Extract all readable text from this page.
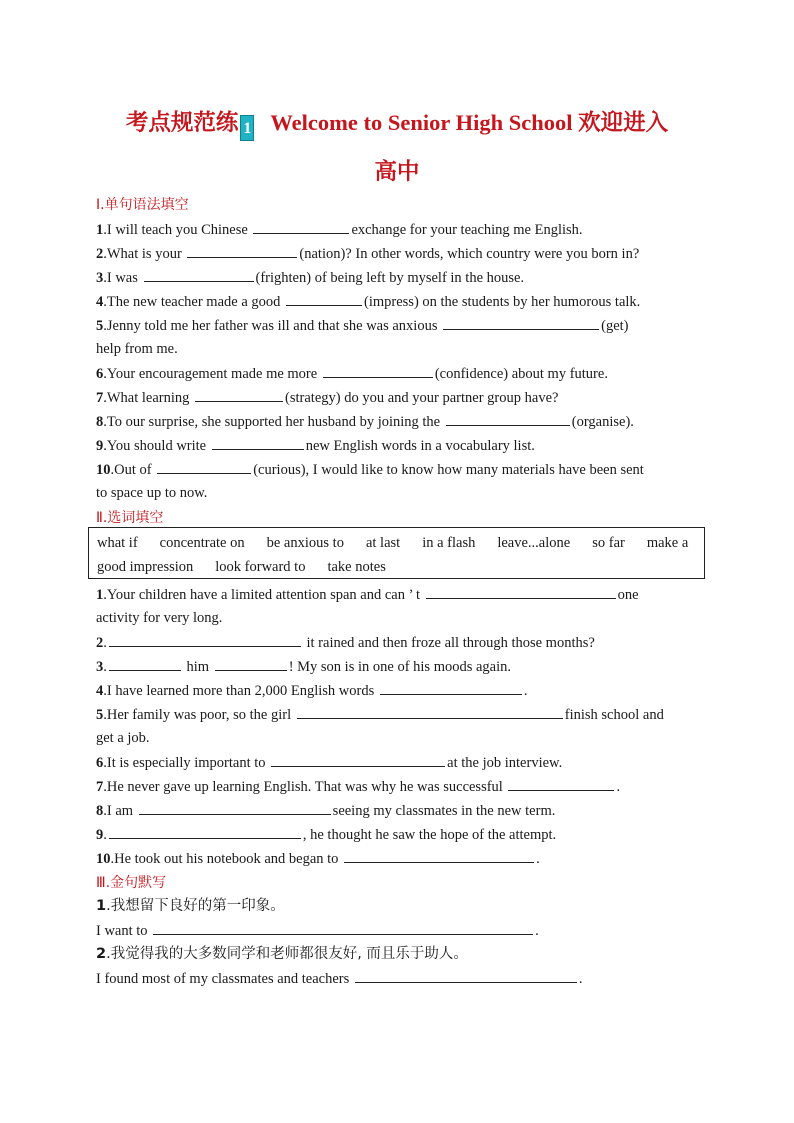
考点规范练 1 Welcome to Senior High School 欢迎进入
高中
Ⅰ.单句语法填空
1.I will teach you Chinese	exchange for your teaching me English.
2.What is your	(nation)? In other words, which country were you born in?
3.I was	(frighten) of being left by myself in the house.
4.The new teacher made a good	(impress) on the students by her humorous talk.
5.Jenny told me her father was ill and that she was anxious	(get)
help from me.
6.Your encouragement made me more	(confidence) about my future.
7.What learning	(strategy) do you and your partner group have?
8.To our surprise, she supported her husband by joining the	(organise).
9.You should write	new English words in a vocabulary list.
10.Out of	(curious), I would like to know how many materials have been sent
to space up to now.
Ⅱ.选词填空
what if concentrate on be anxious to at last in a flash leave...alone so far make a
good impression look forward to take notes
1.Your children have a limited attention span and can ’ t	one
activity for very long.
2.	it rained and then froze all through those months?
3.	him	! My son is in one of his moods again.
4.I have learned more than 2,000 English words	.
5.Her family was poor, so the girl	finish school and
get a job.
6.It is especially important to	at the job interview.
7.He never gave up learning English. That was why he was successful	.
8.I am	seeing my classmates in the new term.
9.	, he thought he saw the hope of the attempt.
10.He took out his notebook and began to	.
Ⅲ.金句默写
1.我想留下良好的第一印象。
I want to	.
2.我觉得我的大多数同学和老师都很友好, 而且乐于助人。
I found most of my classmates and teachers	.
